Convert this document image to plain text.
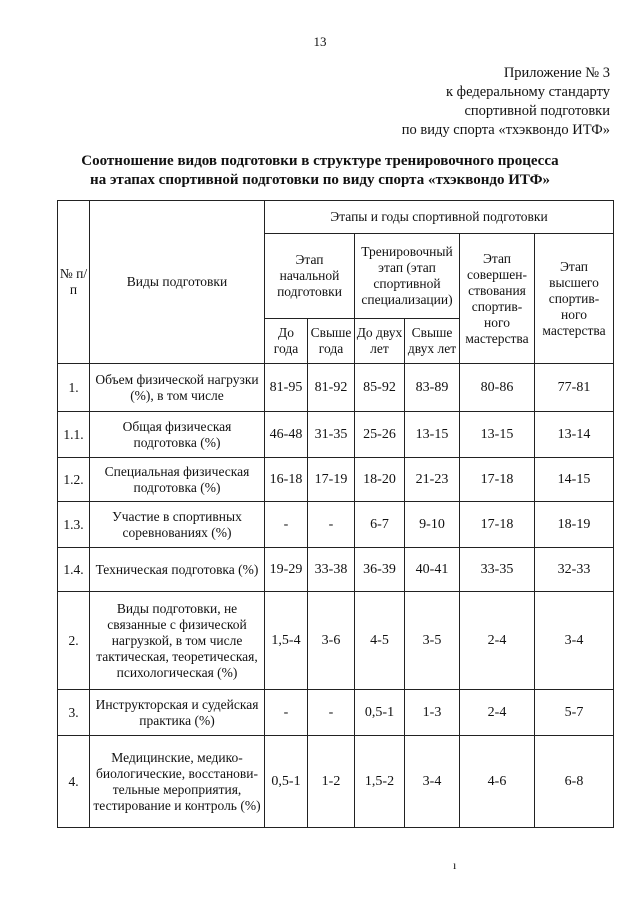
13
Приложение № 3
к федеральному стандарту
спортивной подготовки
по виду спорта «тхэквондо ИТФ»
Соотношение видов подготовки в структуре тренировочного процесса
на этапах спортивной подготовки по виду спорта «тхэквондо ИТФ»
№ п/п	Виды подготовки	Этапы и годы спортивной подготовки					
		Этап начальной подготовки		Тренировочный этап (этап спортивной специализации)		Этап совершен-ствования спортив-ного мастерства	Этап высшего спортив-ного мастерства
		До года	Свыше года	До двух лет	Свыше двух лет		
1.	Объем физической нагрузки (%), в том числе	81-95	81-92	85-92	83-89	80-86	77-81
1.1.	Общая физическая подготовка (%)	46-48	31-35	25-26	13-15	13-15	13-14
1.2.	Специальная физическая подготовка (%)	16-18	17-19	18-20	21-23	17-18	14-15
1.3.	Участие в спортивных соревнованиях (%)	-	-	6-7	9-10	17-18	18-19
1.4.	Техническая подготовка (%)	19-29	33-38	36-39	40-41	33-35	32-33
2.	Виды подготовки, не связанные с физической нагрузкой, в том числе тактическая, теоретическая, психологическая (%)	1,5-4	3-6	4-5	3-5	2-4	3-4
3.	Инструкторская и судейская практика (%)	-	-	0,5-1	1-3	2-4	5-7
4.	Медицинские, медико-биологические, восстанови-тельные мероприятия, тестирование и контроль (%)	0,5-1	1-2	1,5-2	3-4	4-6	6-8
ı
